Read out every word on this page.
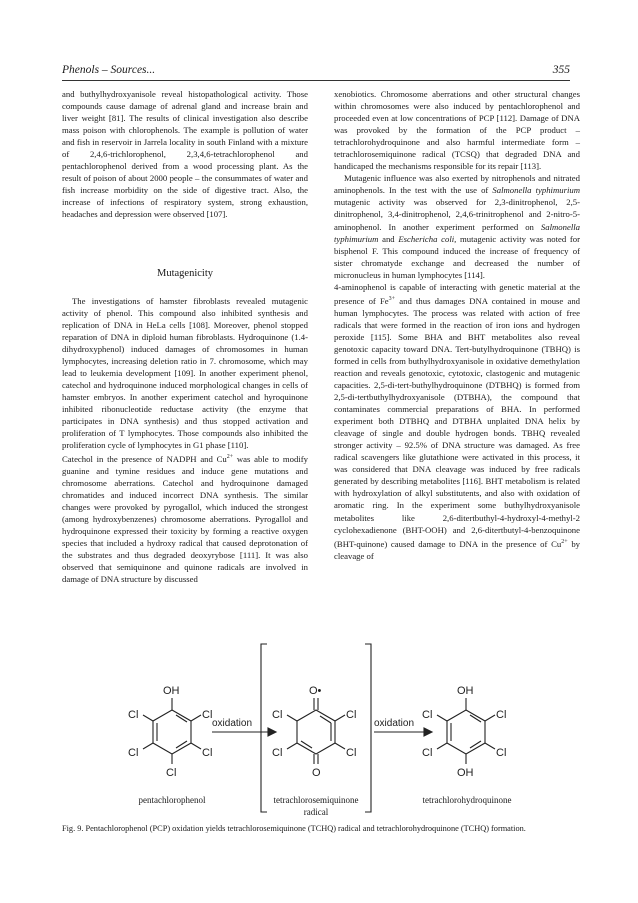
Phenols – Sources...	355

and buthylhydroxyanisole reveal histopathological activity. Those compounds cause damage of adrenal gland and increase brain and liver weight [81]. The results of clinical investigation also describe mass poison with chlorophenols. The example is pollution of water and fish in reservoir in Jarrela locality in south Finland with a mixture of 2,4,6-trichlorophenol, 2,3,4,6-tetrachlorophenol and pentachlorophenol derived from a wood processing plant. As the result of poison of about 2000 people – the consummates of water and fish increase morbidity on the side of digestive tract. Also, the increase of infections of respiratory system, strong exhaustion, headaches and depression were observed [107].

Mutagenicity

The investigations of hamster fibroblasts revealed mutagenic activity of phenol. This compound also inhibited synthesis and replication of DNA in HeLa cells [108]. Moreover, phenol stopped reparation of DNA in diploid human fibroblasts. Hydroquinone (1.4-dihydroxyphenol) induced damages of chromosomes in human lymphocytes, increasing deletion ratio in 7. chromosome, which may lead to leukemia development [109]. In another experiment phenol, catechol and hydroquinone induced morphological changes in cells of hamster embryos. In another experiment catechol and hyroquinone inhibited ribonucleotide reductase activity (the enzyme that participates in DNA synthesis) and thus stopped activation and proliferation of T lymphocytes. Those compounds also inhibited the proliferation cycle of lymphocytes in G1 phase [110].

Catechol in the presence of NADPH and $Cu^{2+}$ was able to modify guanine and tymine residues and induce gene mutations and chromosome aberrations. Catechol and hydroquinone damaged chromatides and induced incorrect DNA synthesis. The similar changes were provoked by pyrogallol, which induced the strongest (among hydroxybenzenes) chromosome aberrations. Pyrogallol and hydroquinone expressed their toxicity by forming a reactive oxygen species that included a hydroxy radical that caused deprotonation of the substrates and thus degraded deoxyrybose [111]. It was also observed that semiquinone and quinone radicals are involved in damage of DNA structure by discussed

xenobiotics. Chromosome aberrations and other structural changes within chromosomes were also induced by pentachlorophenol and proceeded even at low concentrations of PCP [112]. Damage of DNA was provoked by the formation of the PCP product – tetrachlorohydroquinone and also harmful intermediate form –tetrachlorosemiquinone radical (TCSQ) that degraded DNA and handicaped the mechanisms responsible for its repair [113].

Mutagenic influence was also exerted by nitrophenols and nitrated aminophenols. In the test with the use of Salmonella typhimurium mutagenic activity was observed for 2,3-dinitrophenol, 2,5-dinitrophenol, 3,4-dinitrophenol, 2,4,6-trinitrophenol and 2-nitro-5-aminophenol. In another experiment performed on Salmonella typhimurium and Eschericha coli, mutagenic activity was noted for bisphenol F. This compound induced the increase of frequency of sister chromatyde exchange and decreased the number of micronucleus in human lymphocytes [114].

4-aminophenol is capable of interacting with genetic material at the presence of $Fe^{3+}$ and thus damages DNA contained in mouse and human lymphocytes. The process was related with action of free radicals that were formed in the reaction of iron ions and hydrogen peroxide [115]. Some BHA and BHT metabolites also reveal genotoxic capacity toward DNA. Tert-butylhydroquinone (TBHQ) is formed in cells from buthylhydroxyanisole in oxidative demethylation reaction and reveals genotoxic, cytotoxic, clastogenic and mutagenic capacities. 2,5-di-tert-buthylhydroquinone (DTBHQ) is formed from 2,5-di-tertbuthylhydroxyanisole (DTBHA), the compound that contaminates commercial preparations of BHA. In performed experiment both DTBHQ and DTBHA unplaited DNA helix by cleavage of single and double hydrogen bonds. TBHQ revealed stronger activity – 92.5% of DNA structure was damaged. As free radical scavengers like glutathione were activated in this process, it was considered that DNA cleavage was induced by free radicals generated by describing metabolites [116]. BHT metabolism is related with hydroxylation of alkyl substitutents, and also with oxidation of aromatic ring. In the experiment some buthylhydroxyanisole metabolites like 2,6-ditertbuthyl-4-hydroxyl-4-methyl-2 cyclohexadienone (BHT-OOH) and 2,6-ditertbutyl-4-benzoquinone (BHT-quinone) caused damage to DNA in the presence of $Cu^{2+}$ by cleavage of

OH
Cl
Cl
Cl
Cl
Cl
O•
Cl
Cl
O
Cl
Cl
OH
Cl
Cl
OH
Cl
Cl
oxidation	oxidation
pentachlorophenol	tetrachlorosemiquinone radical
tetrachlorohydroquinone
Fig. 9. Pentachlorophenol (PCP) oxidation yields tetrachlorosemiquinone (TCHQ) radical and tetrachlorohydroquinone (TCHQ) formation.
